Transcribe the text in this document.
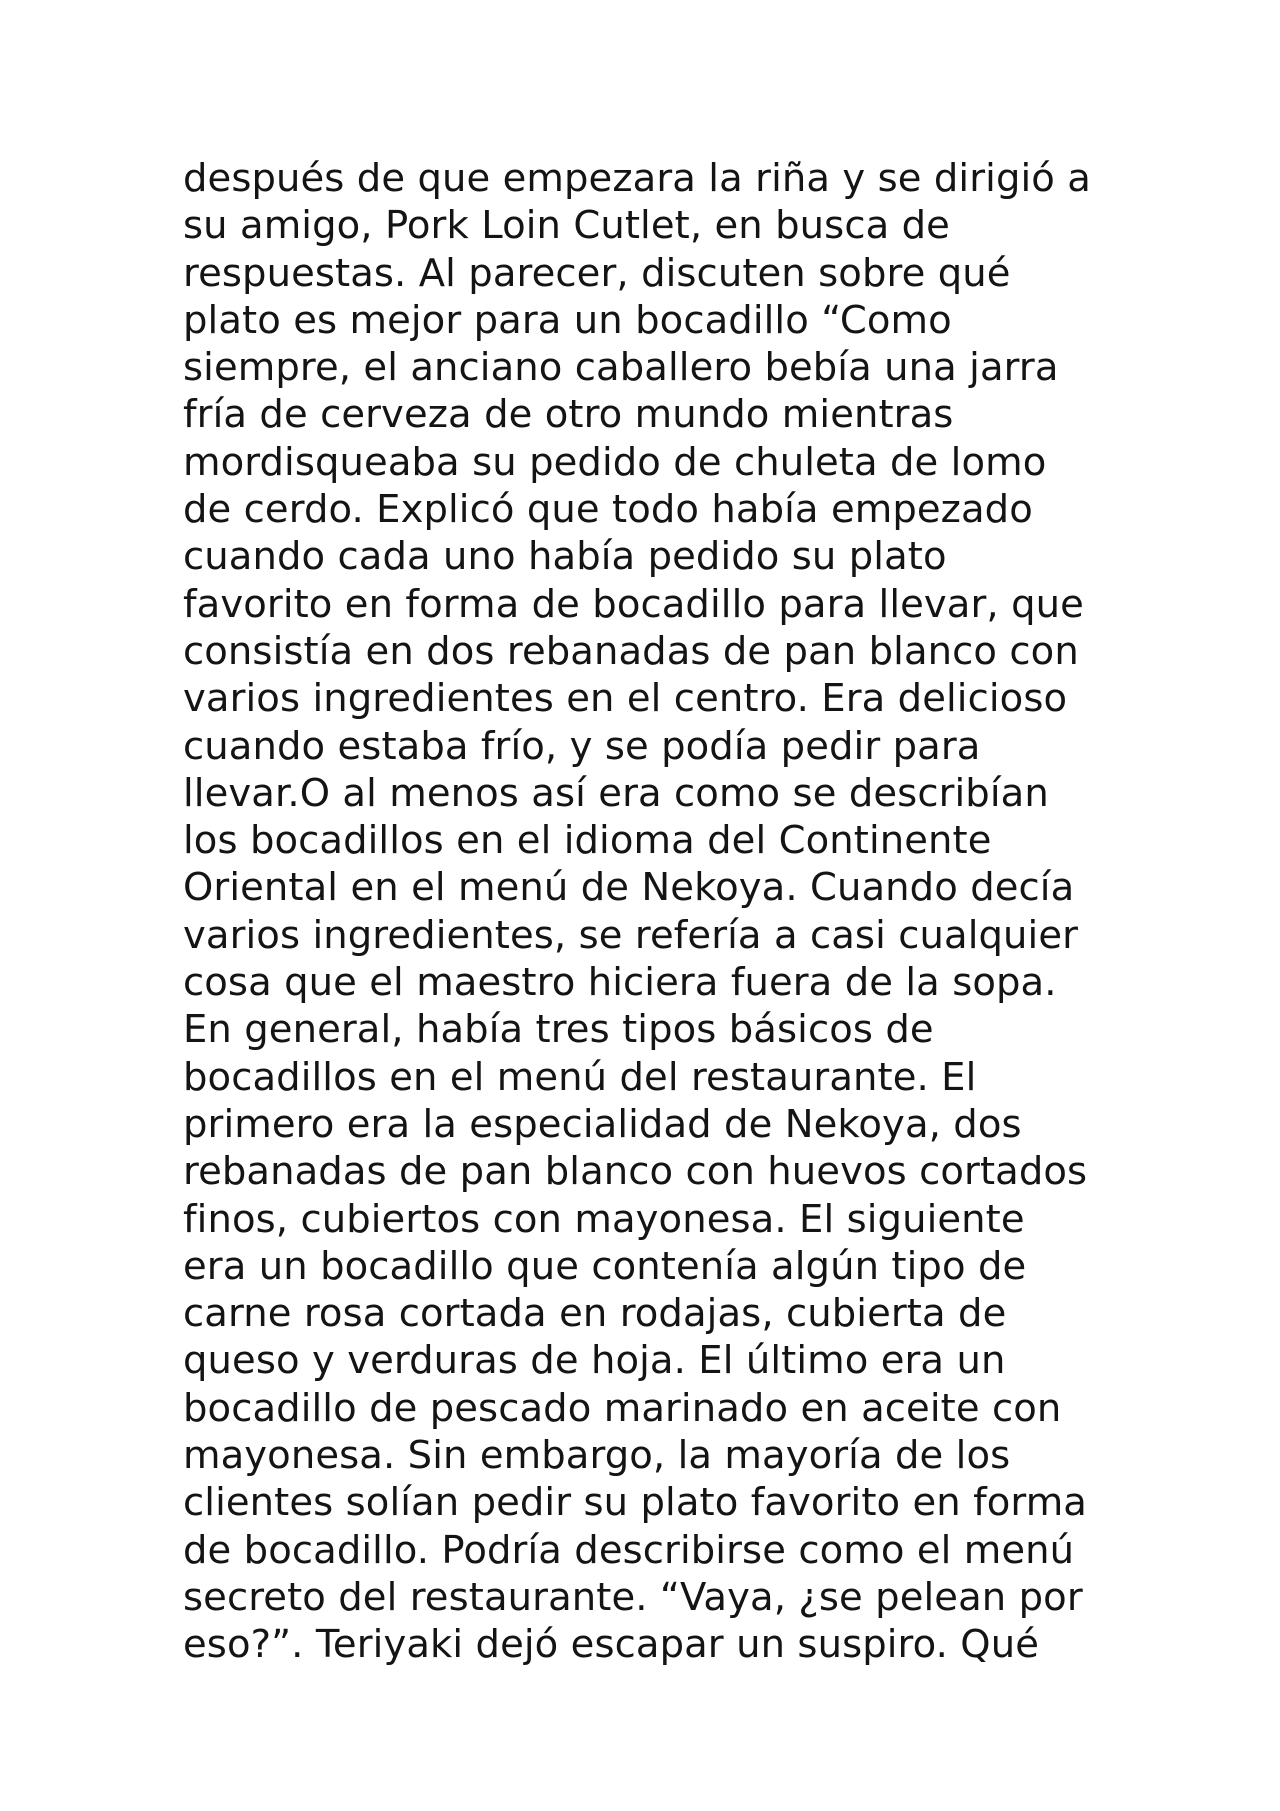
después de que empezara la riña y se dirigió a
su amigo, Pork Loin Cutlet, en busca de
respuestas. Al parecer, discuten sobre qué
plato es mejor para un bocadillo “Como
siempre, el anciano caballero bebía una jarra
fría de cerveza de otro mundo mientras
mordisqueaba su pedido de chuleta de lomo
de cerdo. Explicó que todo había empezado
cuando cada uno había pedido su plato
favorito en forma de bocadillo para llevar, que
consistía en dos rebanadas de pan blanco con
varios ingredientes en el centro. Era delicioso
cuando estaba frío, y se podía pedir para
llevar.O al menos así era como se describían
los bocadillos en el idioma del Continente
Oriental en el menú de Nekoya. Cuando decía
varios ingredientes, se refería a casi cualquier
cosa que el maestro hiciera fuera de la sopa.
En general, había tres tipos básicos de
bocadillos en el menú del restaurante. El
primero era la especialidad de Nekoya, dos
rebanadas de pan blanco con huevos cortados
finos, cubiertos con mayonesa. El siguiente
era un bocadillo que contenía algún tipo de
carne rosa cortada en rodajas, cubierta de
queso y verduras de hoja. El último era un
bocadillo de pescado marinado en aceite con
mayonesa. Sin embargo, la mayoría de los
clientes solían pedir su plato favorito en forma
de bocadillo. Podría describirse como el menú
secreto del restaurante. “Vaya, ¿se pelean por
eso?”. Teriyaki dejó escapar un suspiro. Qué
